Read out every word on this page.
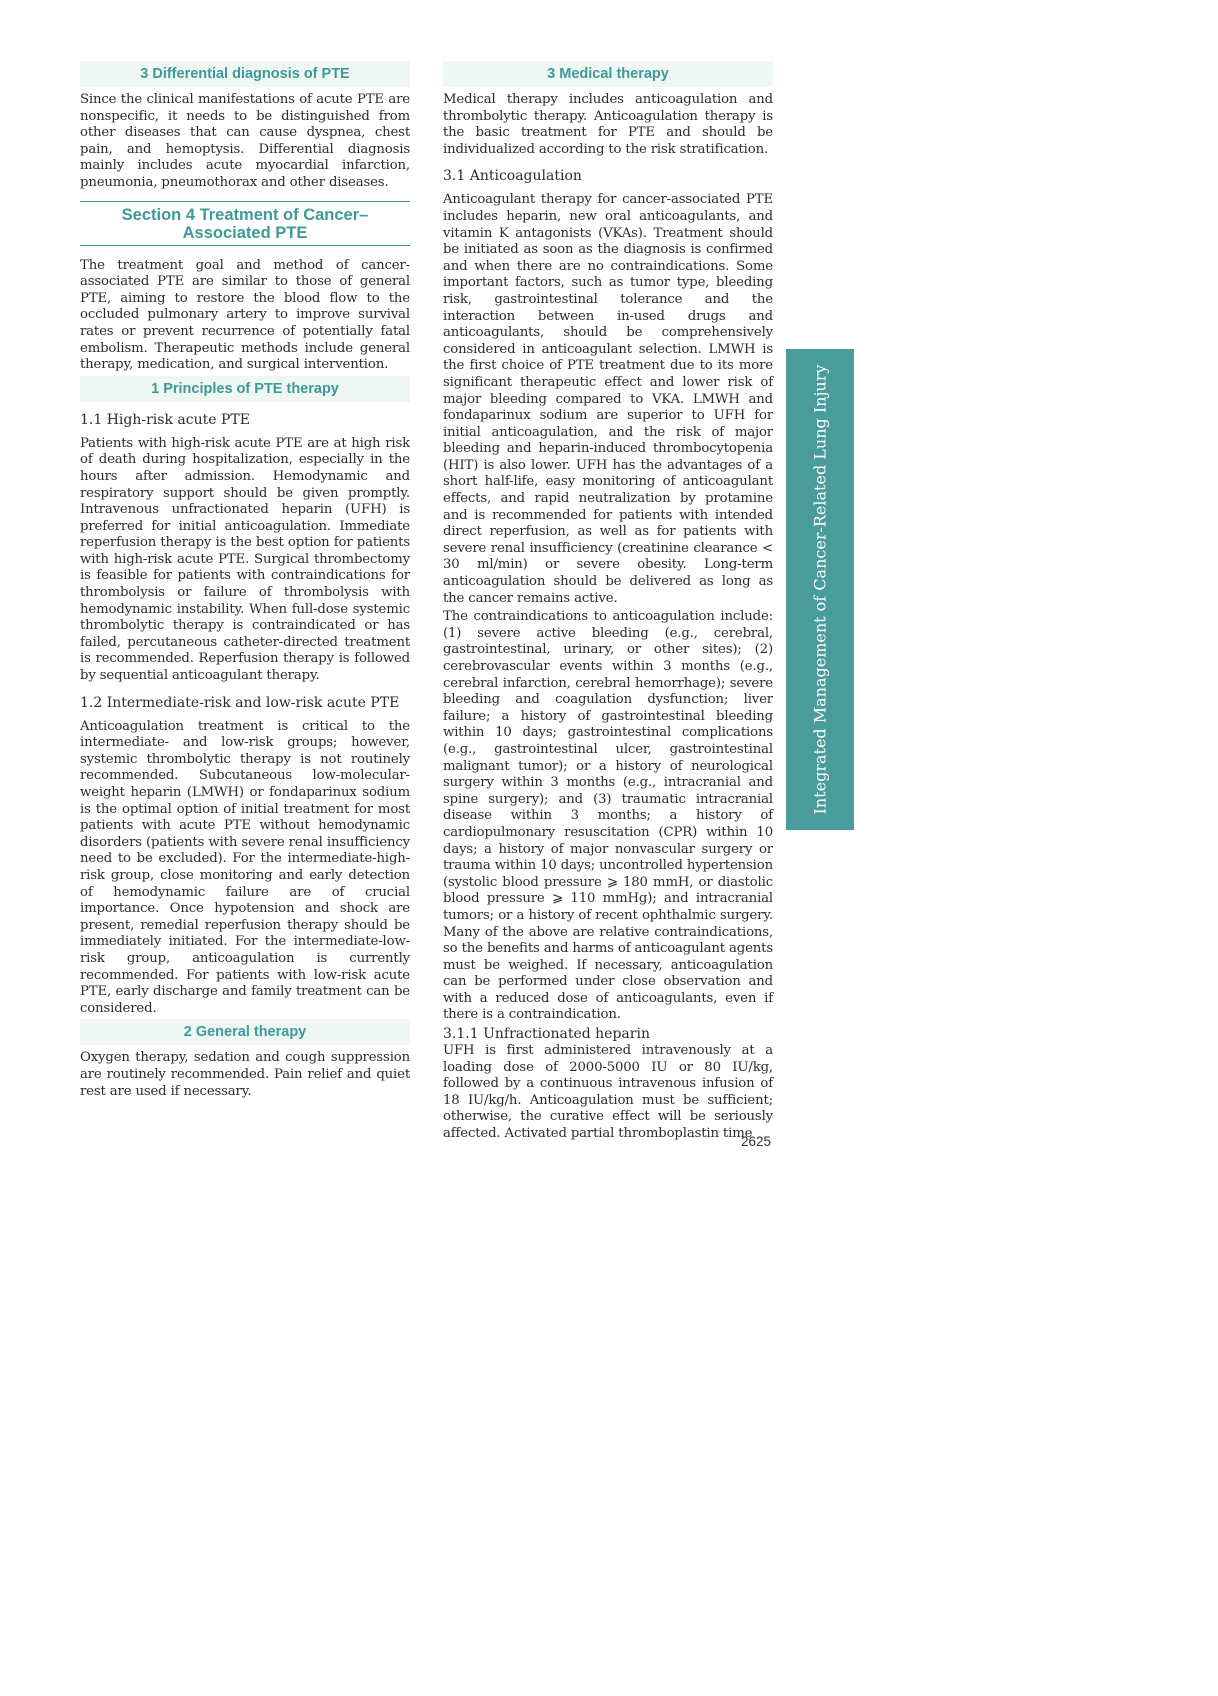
3 Differential diagnosis of PTE

Since the clinical manifestations of acute PTE are nonspecific, it needs to be distinguished from other diseases that can cause dyspnea, chest pain, and hemoptysis. Differential diagnosis mainly includes acute myocardial infarction, pneumonia, pneumothorax and other diseases.

Section 4 Treatment of Cancer–
Associated PTE

The treatment goal and method of cancer-associated PTE are similar to those of general PTE, aiming to restore the blood flow to the occluded pulmonary artery to improve survival rates or prevent recurrence of potentially fatal embolism. Therapeutic methods include general therapy, medication, and surgical intervention.

1 Principles of PTE therapy
1.1 High-risk acute PTE

Patients with high-risk acute PTE are at high risk of death during hospitalization, especially in the hours after admission. Hemodynamic and respiratory support should be given promptly. Intravenous unfractionated heparin (UFH) is preferred for initial anticoagulation. Immediate reperfusion therapy is the best option for patients with high-risk acute PTE. Surgical thrombectomy is feasible for patients with contraindications for thrombolysis or failure of thrombolysis with hemodynamic instability. When full-dose systemic thrombolytic therapy is contraindicated or has failed, percutaneous catheter-directed treatment is recommended. Reperfusion therapy is followed by sequential anticoagulant therapy.

1.2 Intermediate-risk and low-risk acute PTE

Anticoagulation treatment is critical to the intermediate- and low-risk groups; however, systemic thrombolytic therapy is not routinely recommended. Subcutaneous low-molecular-weight heparin (LMWH) or fondaparinux sodium is the optimal option of initial treatment for most patients with acute PTE without hemodynamic disorders (patients with severe renal insufficiency need to be excluded). For the intermediate-high-risk group, close monitoring and early detection of hemodynamic failure are of crucial importance. Once hypotension and shock are present, remedial reperfusion therapy should be immediately initiated. For the intermediate-low-risk group, anticoagulation is currently recommended. For patients with low-risk acute PTE, early discharge and family treatment can be considered.

2 General therapy

Oxygen therapy, sedation and cough suppression are routinely recommended. Pain relief and quiet rest are used if necessary.

3 Medical therapy

Medical therapy includes anticoagulation and thrombolytic therapy. Anticoagulation therapy is the basic treatment for PTE and should be individualized according to the risk stratification.

3.1 Anticoagulation

Anticoagulant therapy for cancer-associated PTE includes heparin, new oral anticoagulants, and vitamin K antagonists (VKAs). Treatment should be initiated as soon as the diagnosis is confirmed and when there are no contraindications. Some important factors, such as tumor type, bleeding risk, gastrointestinal tolerance and the interaction between in-used drugs and anticoagulants, should be comprehensively considered in anticoagulant selection. LMWH is the first choice of PTE treatment due to its more significant therapeutic effect and lower risk of major bleeding compared to VKA. LMWH and fondaparinux sodium are superior to UFH for initial anticoagulation, and the risk of major bleeding and heparin-induced thrombocytopenia (HIT) is also lower. UFH has the advantages of a short half-life, easy monitoring of anticoagulant effects, and rapid neutralization by protamine and is recommended for patients with intended direct reperfusion, as well as for patients with severe renal insufficiency (creatinine clearance < 30 ml/min) or severe obesity. Long-term anticoagulation should be delivered as long as the cancer remains active.

The contraindications to anticoagulation include: (1) severe active bleeding (e.g., cerebral, gastrointestinal, urinary, or other sites); (2) cerebrovascular events within 3 months (e.g., cerebral infarction, cerebral hemorrhage); severe bleeding and coagulation dysfunction; liver failure; a history of gastrointestinal bleeding within 10 days; gastrointestinal complications (e.g., gastrointestinal ulcer, gastrointestinal malignant tumor); or a history of neurological surgery within 3 months (e.g., intracranial and spine surgery); and (3) traumatic intracranial disease within 3 months; a history of cardiopulmonary resuscitation (CPR) within 10 days; a history of major nonvascular surgery or trauma within 10 days; uncontrolled hypertension (systolic blood pressure ⩾ 180 mmH, or diastolic blood pressure ⩾ 110 mmHg); and intracranial tumors; or a history of recent ophthalmic surgery. Many of the above are relative contraindications, so the benefits and harms of anticoagulant agents must be weighed. If necessary, anticoagulation can be performed under close observation and with a reduced dose of anticoagulants, even if there is a contraindication.

3.1.1 Unfractionated heparin

UFH is first administered intravenously at a loading dose of 2000-5000 IU or 80 IU/kg, followed by a continuous intravenous infusion of 18 IU/kg/h. Anticoagulation must be sufficient; otherwise, the curative effect will be seriously affected. Activated partial thromboplastin time

Integrated Management of Cancer-Related Lung Injury
2625
